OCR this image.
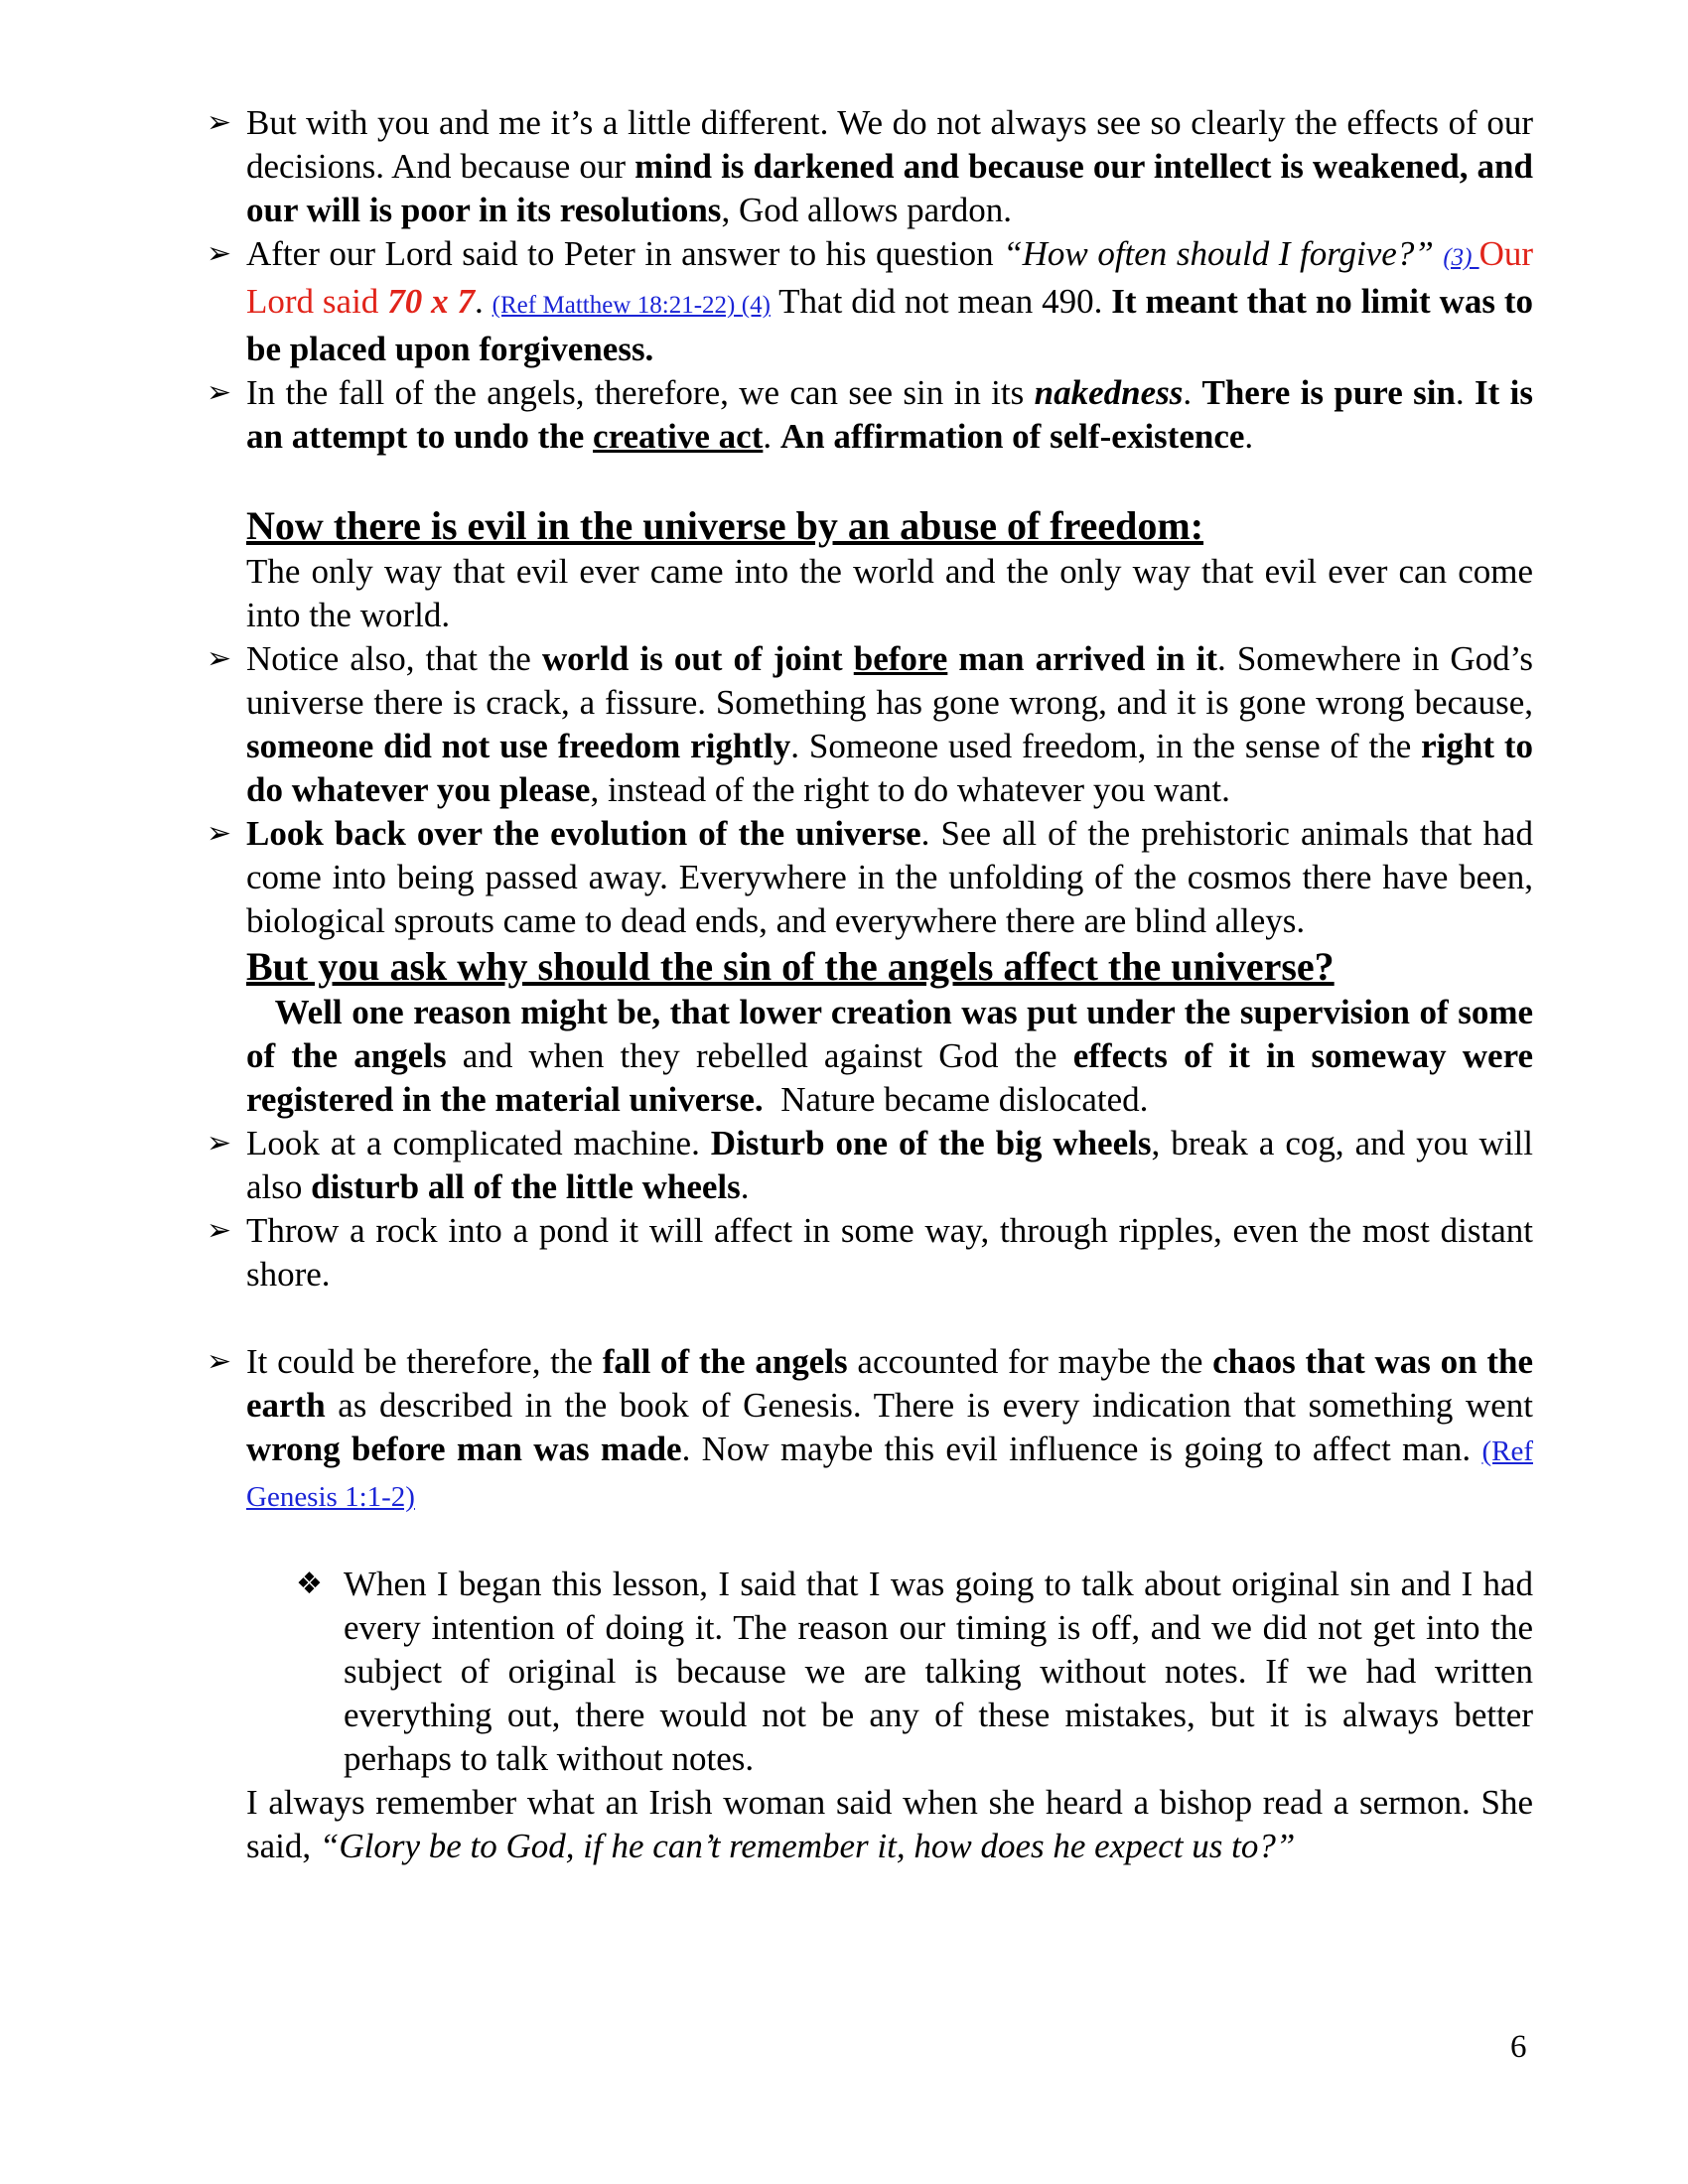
➢ But with you and me it’s a little different. We do not always see so clearly the effects of our decisions. And because our mind is darkened and because our intellect is weakened, and our will is poor in its resolutions, God allows pardon.

➢ After our Lord said to Peter in answer to his question “How often should I forgive?” (3) Our Lord said 70 x 7. (Ref Matthew 18:21-22) (4) That did not mean 490. It meant that no limit was to be placed upon forgiveness.

➢ In the fall of the angels, therefore, we can see sin in its nakedness. There is pure sin. It is an attempt to undo the creative act. An affirmation of self-existence.

Now there is evil in the universe by an abuse of freedom:

The only way that evil ever came into the world and the only way that evil ever can come into the world.

➢ Notice also, that the world is out of joint before man arrived in it. Somewhere in God’s universe there is crack, a fissure. Something has gone wrong, and it is gone wrong because, someone did not use freedom rightly. Someone used freedom, in the sense of the right to do whatever you please, instead of the right to do whatever you want.

➢ Look back over the evolution of the universe. See all of the prehistoric animals that had come into being passed away. Everywhere in the unfolding of the cosmos there have been, biological sprouts came to dead ends, and everywhere there are blind alleys.

But you ask why should the sin of the angels affect the universe?

Well one reason might be, that lower creation was put under the supervision of some of the angels and when they rebelled against God the effects of it in someway were registered in the material universe.  Nature became dislocated.

➢ Look at a complicated machine. Disturb one of the big wheels, break a cog, and you will also disturb all of the little wheels.

➢ Throw a rock into a pond it will affect in some way, through ripples, even the most distant shore.

➢ It could be therefore, the fall of the angels accounted for maybe the chaos that was on the earth as described in the book of Genesis. There is every indication that something went wrong before man was made. Now maybe this evil influence is going to affect man. (Ref Genesis 1:1-2)

❖ When I began this lesson, I said that I was going to talk about original sin and I had every intention of doing it. The reason our timing is off, and we did not get into the subject of original is because we are talking without notes. If we had written everything out, there would not be any of these mistakes, but it is always better perhaps to talk without notes.

I always remember what an Irish woman said when she heard a bishop read a sermon. She said, “Glory be to God, if he can’t remember it, how does he expect us to?”

6
